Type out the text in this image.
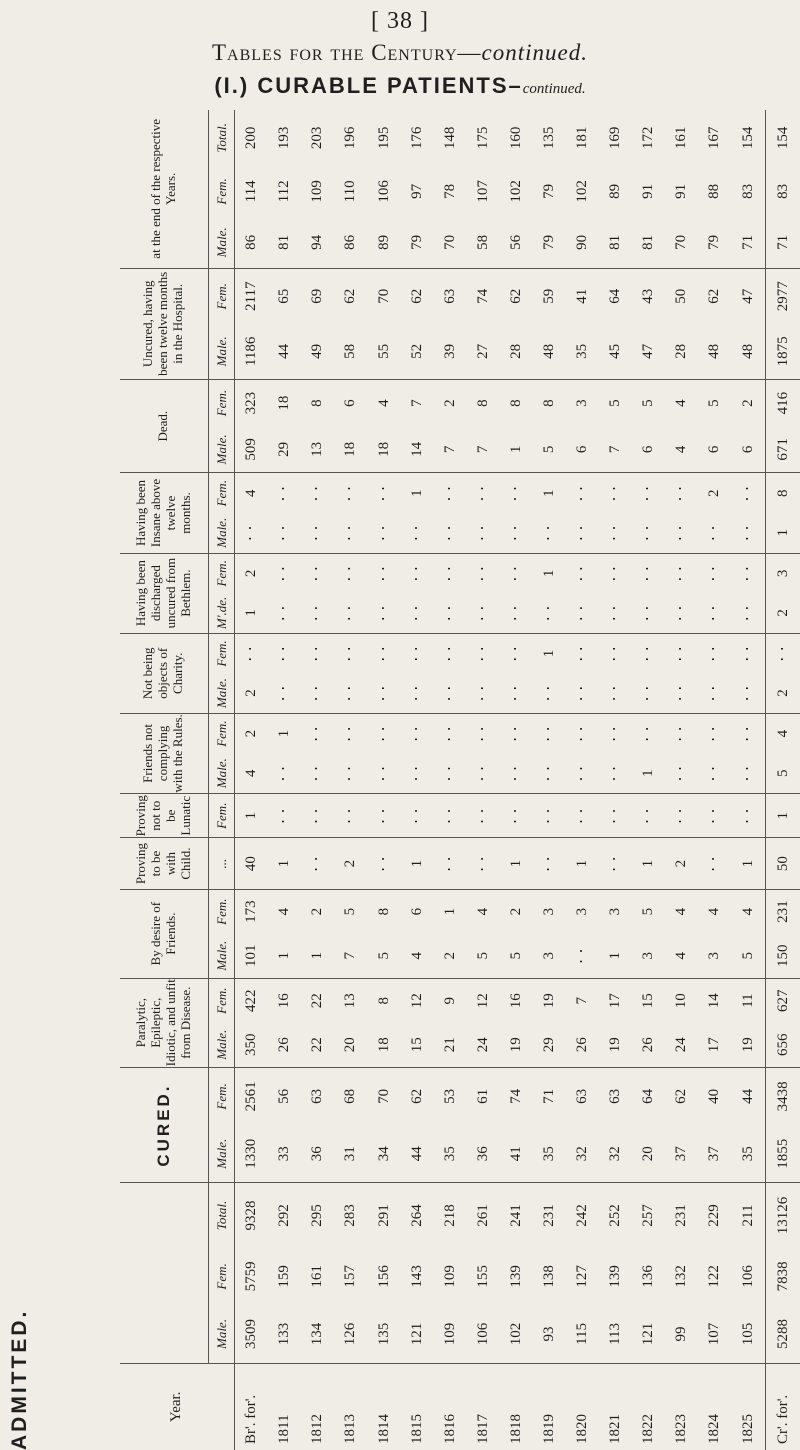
[ 38 ]
Tables for the Century—continued.
(I.) CURABLE PATIENTS–continued.
ADMITTED.	Year.				CURED.		Paralytic, Epileptic, Idiotic, and unfit from Disease.		By desire of Friends.		Proving to be with Child.	Proving not to be Lunatic	Friends not complying with the Rules.		Not being objects of Charity.		Having been discharged uncured from Bethlem.		Having been Insane above twelve months.		Dead.		Uncured, having been twelve months in the Hospital.		at the end of the respective Years.		
	Male.	Fem.	Total.	Male.	Fem.	Male.	Fem.	Male.	Fem.	...	Fem.	Male.	Fem.	Male.	Fem.	M'.de.	Fem.	Male.	Fem.	Male.	Fem.	Male.	Fem.	Male.	Fem.	Total.
Br'. for'.	3509	5759	9328	1330	2561	350	422	101	173	40	1	4	2	2	⋅ ⋅	1	2	⋅ ⋅	4	509	323	1186	2117	86	114	200
1811	133	159	292	33	56	26	16	1	4	1	⋅ ⋅	⋅ ⋅	1	⋅ ⋅	⋅ ⋅	⋅ ⋅	⋅ ⋅	⋅ ⋅	⋅ ⋅	29	18	44	65	81	112	193
1812	134	161	295	36	63	22	22	1	2	⋅ ⋅	⋅ ⋅	⋅ ⋅	⋅ ⋅	⋅ ⋅	⋅ ⋅	⋅ ⋅	⋅ ⋅	⋅ ⋅	⋅ ⋅	13	8	49	69	94	109	203
1813	126	157	283	31	68	20	13	7	5	2	⋅ ⋅	⋅ ⋅	⋅ ⋅	⋅ ⋅	⋅ ⋅	⋅ ⋅	⋅ ⋅	⋅ ⋅	⋅ ⋅	18	6	58	62	86	110	196
1814	135	156	291	34	70	18	8	5	8	⋅ ⋅	⋅ ⋅	⋅ ⋅	⋅ ⋅	⋅ ⋅	⋅ ⋅	⋅ ⋅	⋅ ⋅	⋅ ⋅	⋅ ⋅	18	4	55	70	89	106	195
1815	121	143	264	44	62	15	12	4	6	1	⋅ ⋅	⋅ ⋅	⋅ ⋅	⋅ ⋅	⋅ ⋅	⋅ ⋅	⋅ ⋅	⋅ ⋅	1	14	7	52	62	79	97	176
1816	109	109	218	35	53	21	9	2	1	⋅ ⋅	⋅ ⋅	⋅ ⋅	⋅ ⋅	⋅ ⋅	⋅ ⋅	⋅ ⋅	⋅ ⋅	⋅ ⋅	⋅ ⋅	7	2	39	63	70	78	148
1817	106	155	261	36	61	24	12	5	4	⋅ ⋅	⋅ ⋅	⋅ ⋅	⋅ ⋅	⋅ ⋅	⋅ ⋅	⋅ ⋅	⋅ ⋅	⋅ ⋅	⋅ ⋅	7	8	27	74	58	107	175
1818	102	139	241	41	74	19	16	5	2	1	⋅ ⋅	⋅ ⋅	⋅ ⋅	⋅ ⋅	⋅ ⋅	⋅ ⋅	⋅ ⋅	⋅ ⋅	⋅ ⋅	1	8	28	62	56	102	160
1819	93	138	231	35	71	29	19	3	3	⋅ ⋅	⋅ ⋅	⋅ ⋅	⋅ ⋅	⋅ ⋅	1	⋅ ⋅	1	⋅ ⋅	1	5	8	48	59	79	79	135
1820	115	127	242	32	63	26	7	⋅ ⋅	3	1	⋅ ⋅	⋅ ⋅	⋅ ⋅	⋅ ⋅	⋅ ⋅	⋅ ⋅	⋅ ⋅	⋅ ⋅	⋅ ⋅	6	3	35	41	90	102	181
1821	113	139	252	32	63	19	17	1	3	⋅ ⋅	⋅ ⋅	⋅ ⋅	⋅ ⋅	⋅ ⋅	⋅ ⋅	⋅ ⋅	⋅ ⋅	⋅ ⋅	⋅ ⋅	7	5	45	64	81	89	169
1822	121	136	257	20	64	26	15	3	5	1	⋅ ⋅	1	⋅ ⋅	⋅ ⋅	⋅ ⋅	⋅ ⋅	⋅ ⋅	⋅ ⋅	⋅ ⋅	6	5	47	43	81	91	172
1823	99	132	231	37	62	24	10	4	4	2	⋅ ⋅	⋅ ⋅	⋅ ⋅	⋅ ⋅	⋅ ⋅	⋅ ⋅	⋅ ⋅	⋅ ⋅	⋅ ⋅	4	4	28	50	70	91	161
1824	107	122	229	37	40	17	14	3	4	⋅ ⋅	⋅ ⋅	⋅ ⋅	⋅ ⋅	⋅ ⋅	⋅ ⋅	⋅ ⋅	⋅ ⋅	⋅ ⋅	2	6	5	48	62	79	88	167
1825	105	106	211	35	44	19	11	5	4	1	⋅ ⋅	⋅ ⋅	⋅ ⋅	⋅ ⋅	⋅ ⋅	⋅ ⋅	⋅ ⋅	⋅ ⋅	⋅ ⋅	6	2	48	47	71	83	154
Cr'. for'.	5288	7838	13126	1855	3438	656	627	150	231	50	1	5	4	2	⋅ ⋅	2	3	1	8	671	416	1875	2977	71	83	154
